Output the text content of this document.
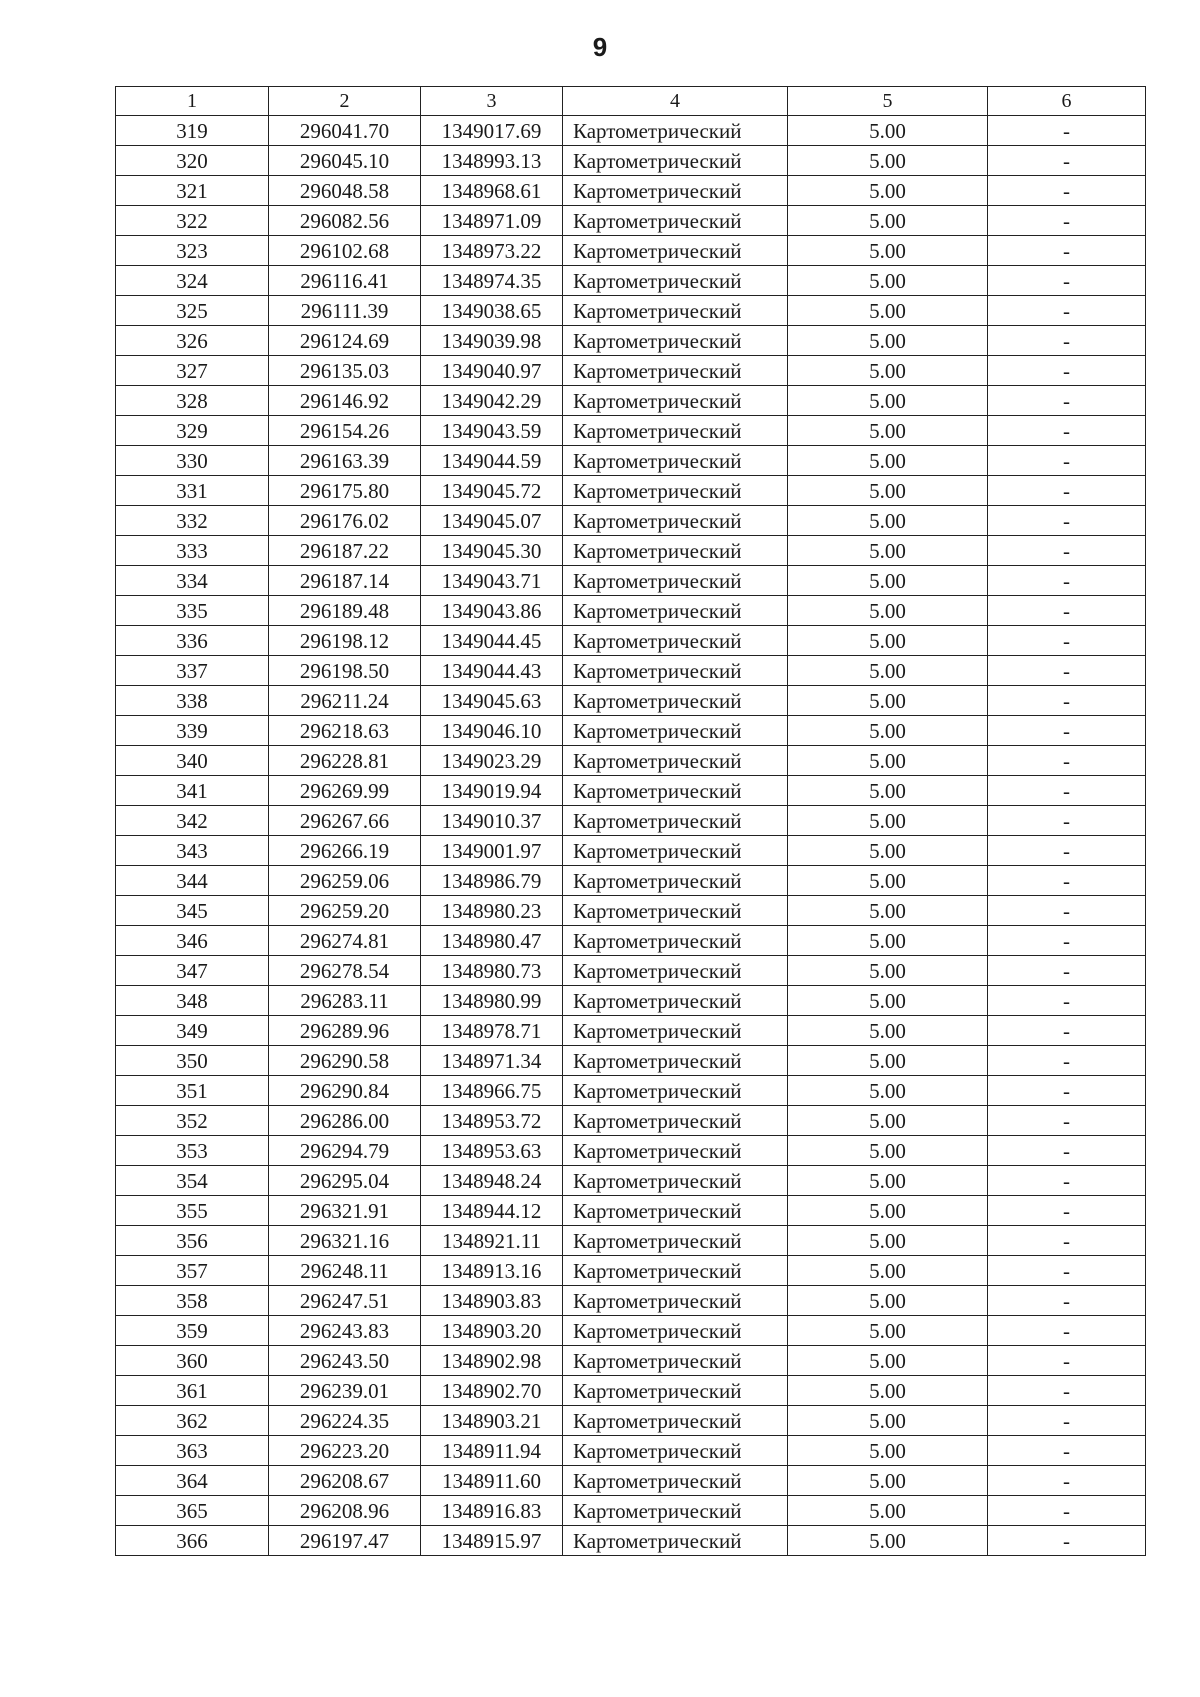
9
1	2	3	4	5	6
319	296041.70	1349017.69	Картометрический	5.00	-
320	296045.10	1348993.13	Картометрический	5.00	-
321	296048.58	1348968.61	Картометрический	5.00	-
322	296082.56	1348971.09	Картометрический	5.00	-
323	296102.68	1348973.22	Картометрический	5.00	-
324	296116.41	1348974.35	Картометрический	5.00	-
325	296111.39	1349038.65	Картометрический	5.00	-
326	296124.69	1349039.98	Картометрический	5.00	-
327	296135.03	1349040.97	Картометрический	5.00	-
328	296146.92	1349042.29	Картометрический	5.00	-
329	296154.26	1349043.59	Картометрический	5.00	-
330	296163.39	1349044.59	Картометрический	5.00	-
331	296175.80	1349045.72	Картометрический	5.00	-
332	296176.02	1349045.07	Картометрический	5.00	-
333	296187.22	1349045.30	Картометрический	5.00	-
334	296187.14	1349043.71	Картометрический	5.00	-
335	296189.48	1349043.86	Картометрический	5.00	-
336	296198.12	1349044.45	Картометрический	5.00	-
337	296198.50	1349044.43	Картометрический	5.00	-
338	296211.24	1349045.63	Картометрический	5.00	-
339	296218.63	1349046.10	Картометрический	5.00	-
340	296228.81	1349023.29	Картометрический	5.00	-
341	296269.99	1349019.94	Картометрический	5.00	-
342	296267.66	1349010.37	Картометрический	5.00	-
343	296266.19	1349001.97	Картометрический	5.00	-
344	296259.06	1348986.79	Картометрический	5.00	-
345	296259.20	1348980.23	Картометрический	5.00	-
346	296274.81	1348980.47	Картометрический	5.00	-
347	296278.54	1348980.73	Картометрический	5.00	-
348	296283.11	1348980.99	Картометрический	5.00	-
349	296289.96	1348978.71	Картометрический	5.00	-
350	296290.58	1348971.34	Картометрический	5.00	-
351	296290.84	1348966.75	Картометрический	5.00	-
352	296286.00	1348953.72	Картометрический	5.00	-
353	296294.79	1348953.63	Картометрический	5.00	-
354	296295.04	1348948.24	Картометрический	5.00	-
355	296321.91	1348944.12	Картометрический	5.00	-
356	296321.16	1348921.11	Картометрический	5.00	-
357	296248.11	1348913.16	Картометрический	5.00	-
358	296247.51	1348903.83	Картометрический	5.00	-
359	296243.83	1348903.20	Картометрический	5.00	-
360	296243.50	1348902.98	Картометрический	5.00	-
361	296239.01	1348902.70	Картометрический	5.00	-
362	296224.35	1348903.21	Картометрический	5.00	-
363	296223.20	1348911.94	Картометрический	5.00	-
364	296208.67	1348911.60	Картометрический	5.00	-
365	296208.96	1348916.83	Картометрический	5.00	-
366	296197.47	1348915.97	Картометрический	5.00	-
